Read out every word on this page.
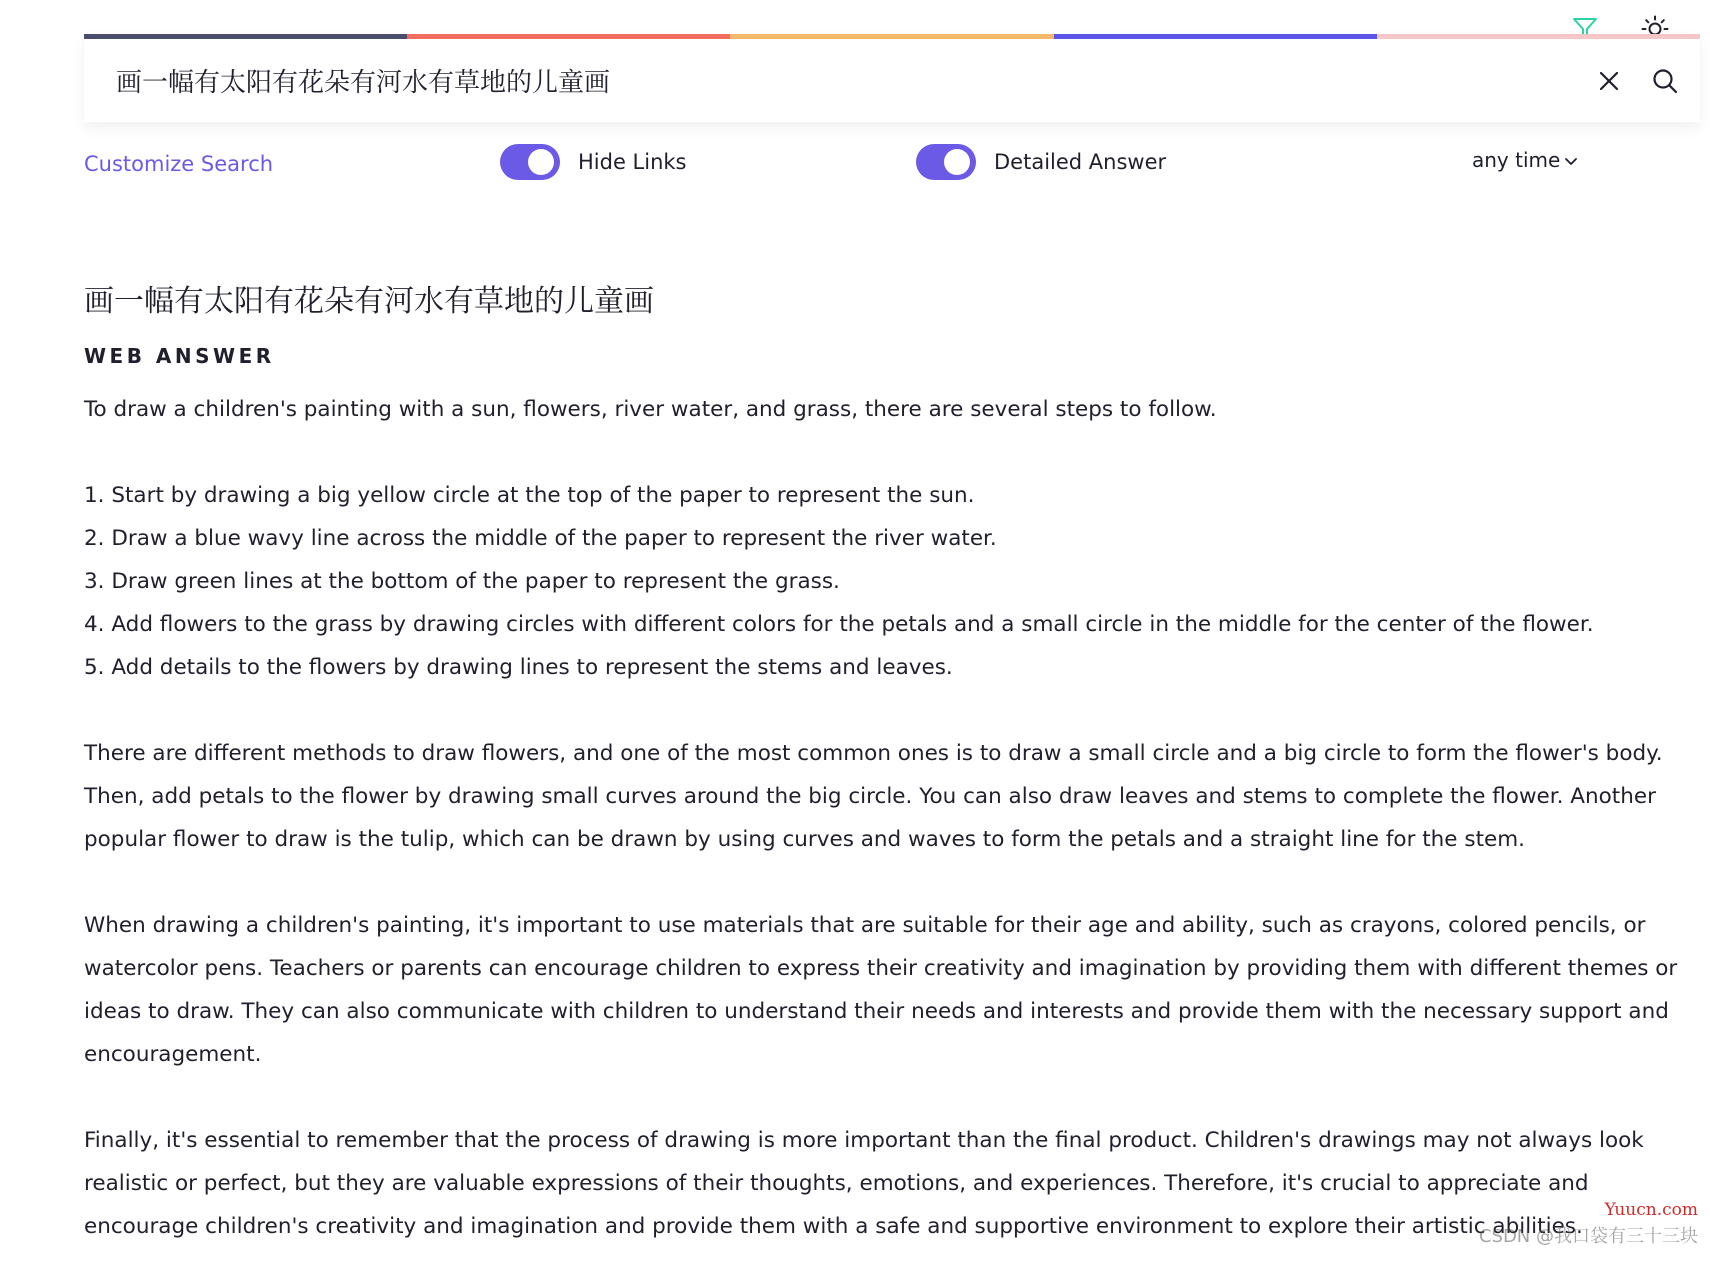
画一幅有太阳有花朵有河水有草地的儿童画
Customize Search	Hide Links	Detailed Answer	any time
画一幅有太阳有花朵有河水有草地的儿童画
WEB ANSWER

To draw a children's painting with a sun, flowers, river water, and grass, there are several steps to follow.

1. Start by drawing a big yellow circle at the top of the paper to represent the sun.

2. Draw a blue wavy line across the middle of the paper to represent the river water.

3. Draw green lines at the bottom of the paper to represent the grass.

4. Add flowers to the grass by drawing circles with different colors for the petals and a small circle in the middle for the center of the flower.

5. Add details to the flowers by drawing lines to represent the stems and leaves.

There are different methods to draw flowers, and one of the most common ones is to draw a small circle and a big circle to form the flower's body. Then, add petals to the flower by drawing small curves around the big circle. You can also draw leaves and stems to complete the flower. Another popular flower to draw is the tulip, which can be drawn by using curves and waves to form the petals and a straight line for the stem.

When drawing a children's painting, it's important to use materials that are suitable for their age and ability, such as crayons, colored pencils, or watercolor pens. Teachers or parents can encourage children to express their creativity and imagination by providing them with different themes or ideas to draw. They can also communicate with children to understand their needs and interests and provide them with the necessary support and encouragement.

Finally, it's essential to remember that the process of drawing is more important than the final product. Children's drawings may not always look realistic or perfect, but they are valuable expressions of their thoughts, emotions, and experiences. Therefore, it's crucial to appreciate and encourage children's creativity and imagination and provide them with a safe and supportive environment to explore their artistic abilities.

Yuucn.com
CSDN @我口袋有三十三块
